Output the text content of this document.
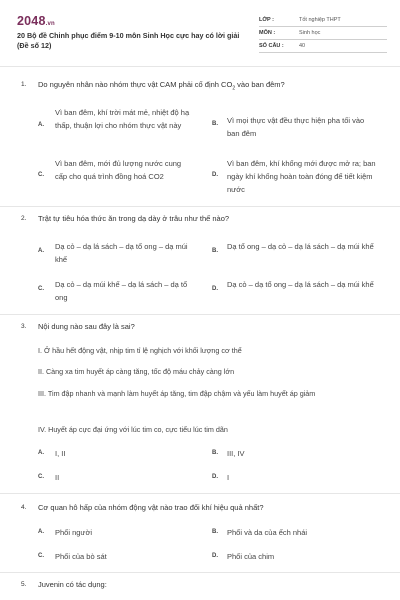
2048.vn
20 Bộ đề Chinh phục điểm 9-10 môn Sinh Học cực hay có lời giải (Đề số 12)
LỚP :	Tốt nghiệp THPT
MÔN :	Sinh học
SỐ CÂU :	40
1. Do nguyên nhân nào nhóm thực vật CAM phải cố định $CO_2$ vào ban đêm?
A.
Vì ban đêm, khí trời mát mẻ, nhiệt độ hạ thấp, thuận lợi cho nhóm thực vật này	B.	Vì mọi thực vật đều thực hiện pha tối vào ban đêm
C.
Vì ban đêm, mới đủ lượng nước cung cấp cho quá trình đồng hoá CO2	D.
Vì ban đêm, khí khổng mới được mở ra; ban ngày khí khổng hoàn toàn đóng để tiết kiệm nước
2. Trật tự tiêu hóa thức ăn trong dạ dày ở trâu như thế nào?
A.	Dạ cỏ – dạ lá sách – dạ tổ ong – dạ múi khế
B.	Dạ tổ ong – dạ cỏ – dạ lá sách – dạ múi khế
C.	Dạ cỏ – dạ múi khế – dạ lá sách – dạ tổ ong
D.	Dạ cỏ – dạ tổ ong – dạ lá sách – dạ múi khế
3. Nội dung nào sau đây là sai?
I. Ở hầu hết động vật, nhịp tim tỉ lệ nghịch với khối lượng cơ thể
II. Càng xa tim huyết áp càng tăng, tốc độ máu chảy càng lớn
III. Tim đập nhanh và mạnh làm huyết áp tăng, tim đập chậm và yếu làm huyết áp giảm
IV. Huyết áp cực đại ứng với lúc tim co, cực tiểu lúc tim dãn
A.	I, II	B.	III, IV
C.	II	D.	I
4. Cơ quan hô hấp của nhóm động vật nào trao đổi khí hiệu quả nhất?
A.	Phổi người	B.	Phổi và da của ếch nhái
C.	Phổi của bò sát	D.	Phổi của chim
5. Juvenin có tác dụng:
